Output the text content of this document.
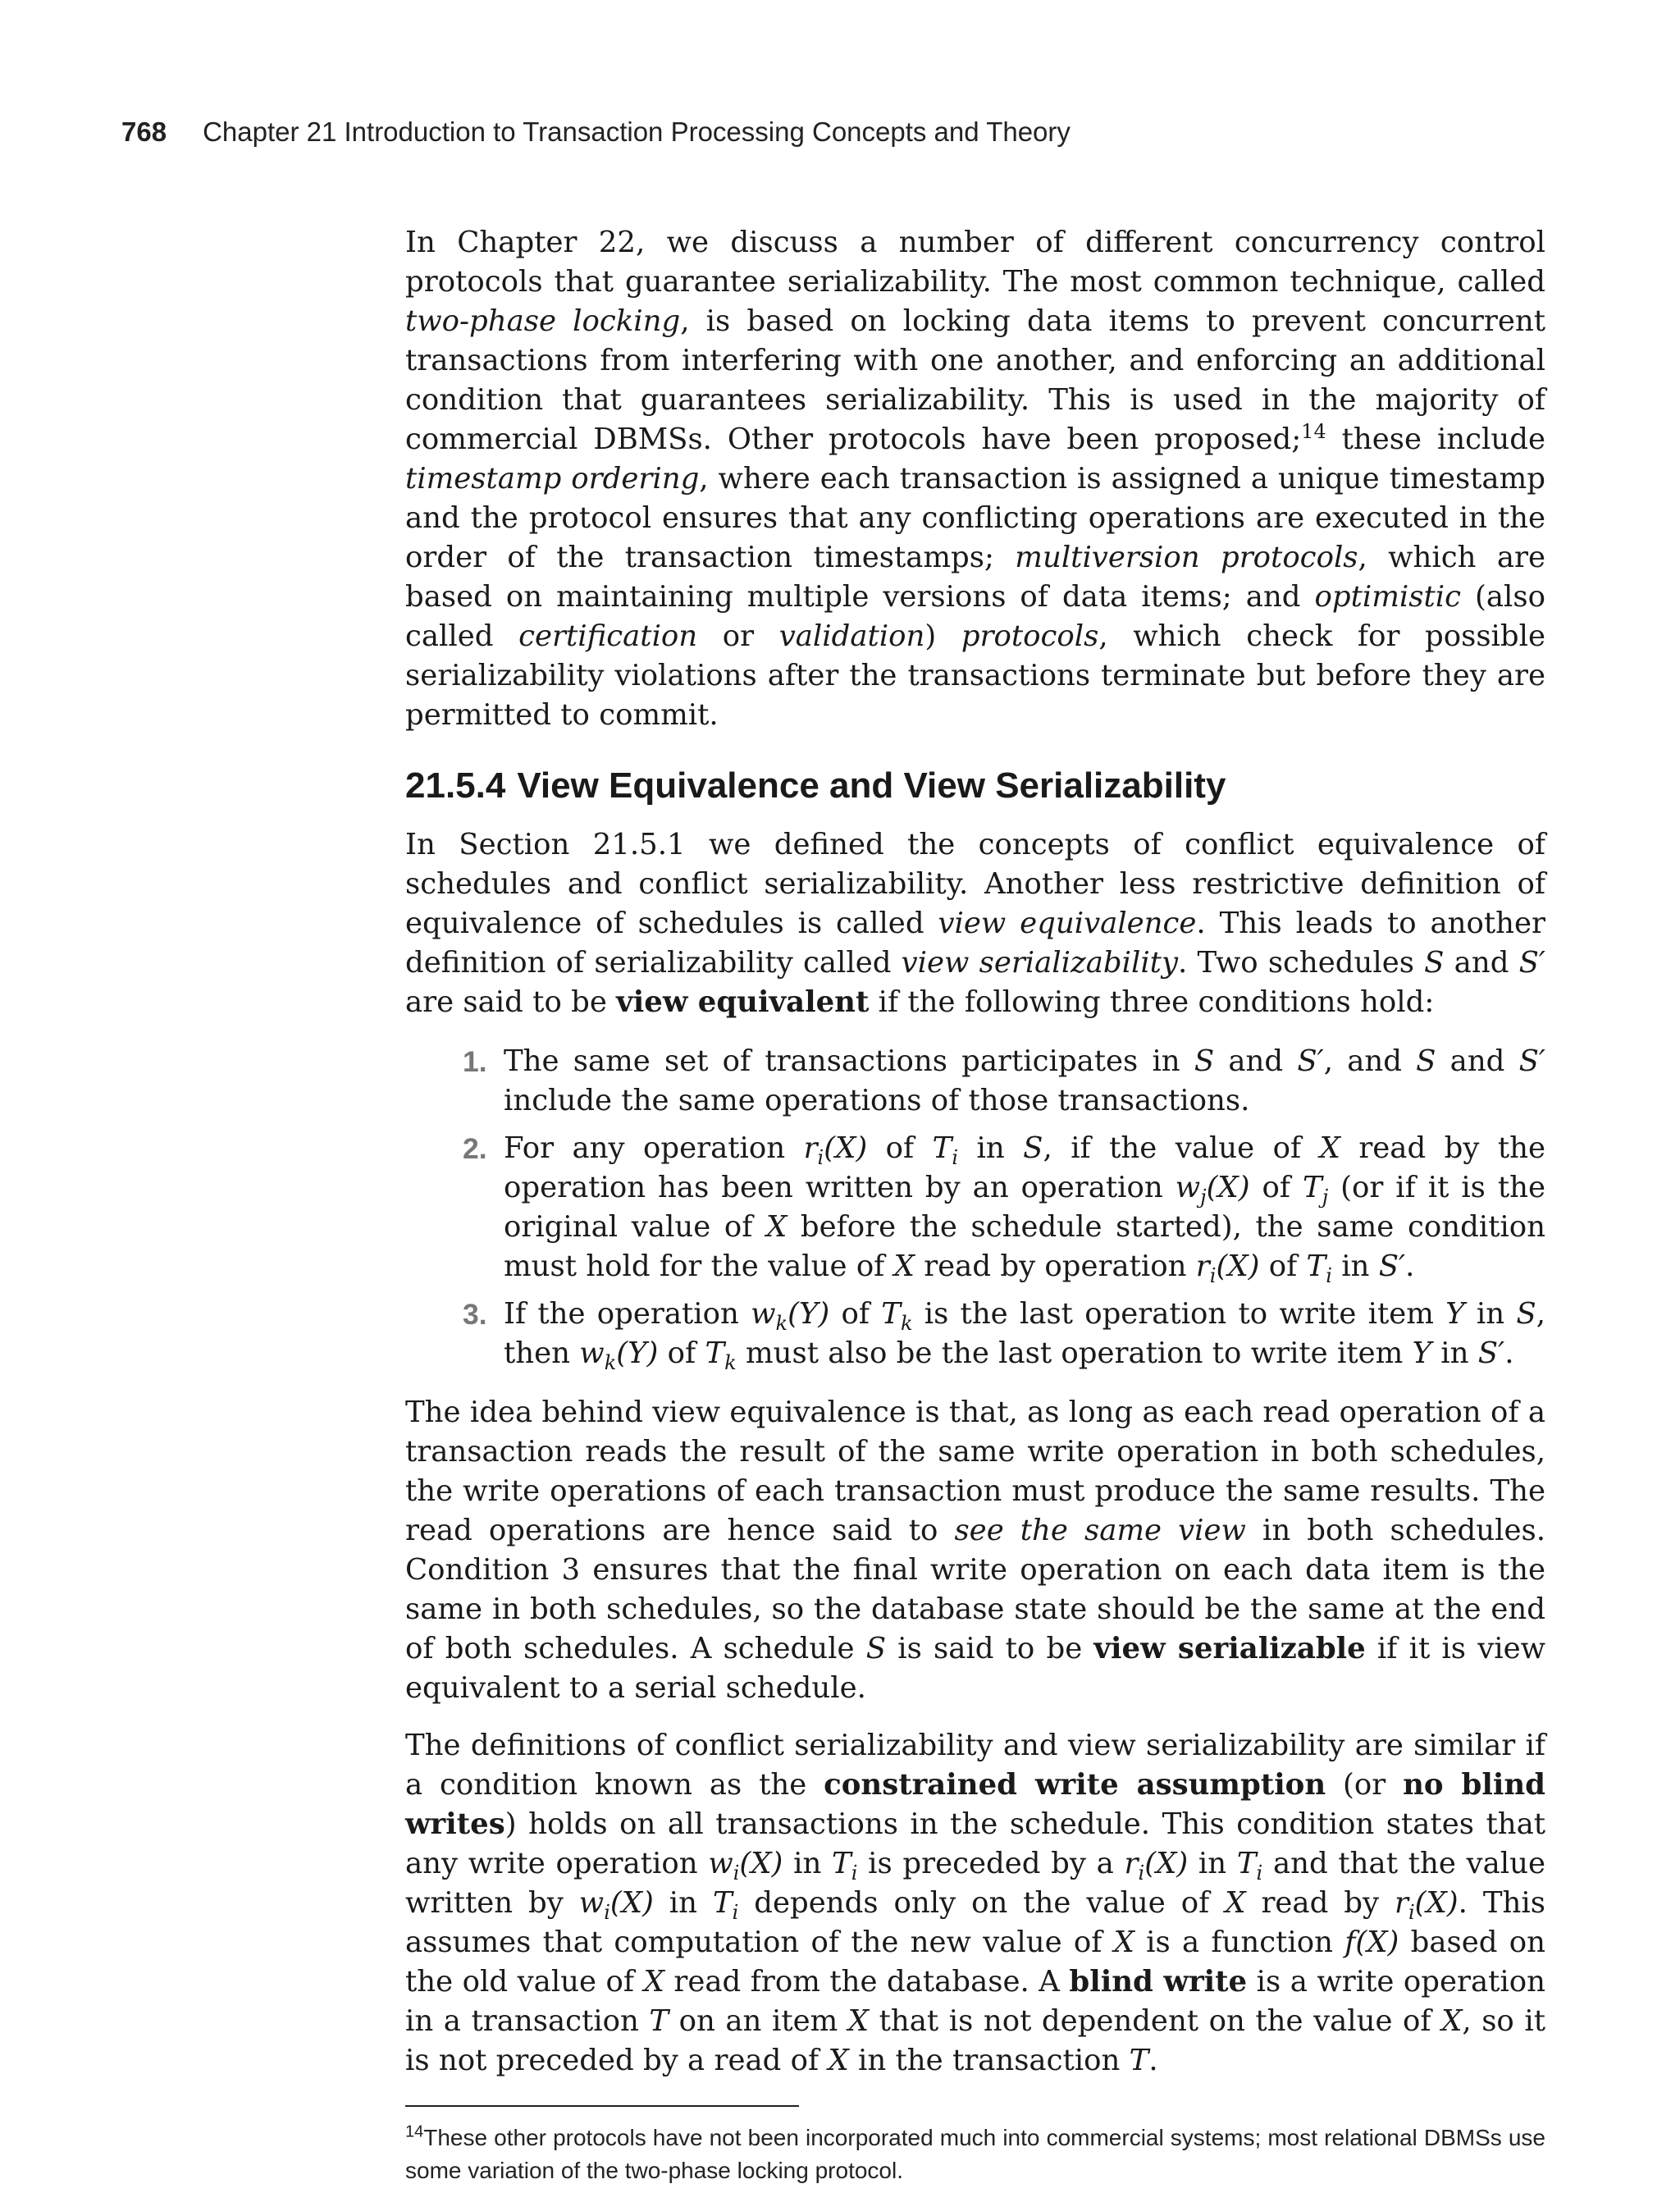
768 Chapter 21 Introduction to Transaction Processing Concepts and Theory

In Chapter 22, we discuss a number of different concurrency control protocols that guarantee serializability. The most common technique, called two-phase locking, is based on locking data items to prevent concurrent transactions from interfering with one another, and enforcing an additional condition that guarantees serializability. This is used in the majority of commercial DBMSs. Other protocols have been proposed;$^{14}$ these include timestamp ordering, where each transaction is assigned a unique timestamp and the protocol ensures that any conflicting operations are executed in the order of the transaction timestamps; multiversion protocols, which are based on maintaining multiple versions of data items; and optimistic (also called certification or validation) protocols, which check for possible serializability violations after the transactions terminate but before they are permitted to commit.

21.5.4 View Equivalence and View Serializability

In Section 21.5.1 we defined the concepts of conflict equivalence of schedules and conflict serializability. Another less restrictive definition of equivalence of schedules is called view equivalence. This leads to another definition of serializability called view serializability. Two schedules S and S′ are said to be view equivalent if the following three conditions hold:

1. The same set of transactions participates in S and S′, and S and S′ include the same operations of those transactions.
2. For any operation $r_i(X)$ of $T_i$ in S, if the value of X read by the operation has been written by an operation $w_j(X)$ of $T_j$ (or if it is the original value of X before the schedule started), the same condition must hold for the value of X read by operation $r_i(X)$ of $T_i$ in S′.
3. If the operation $w_k(Y)$ of $T_k$ is the last operation to write item Y in S, then $w_k(Y)$ of $T_k$ must also be the last operation to write item Y in S′.

The idea behind view equivalence is that, as long as each read operation of a transaction reads the result of the same write operation in both schedules, the write operations of each transaction must produce the same results. The read operations are hence said to see the same view in both schedules. Condition 3 ensures that the final write operation on each data item is the same in both schedules, so the database state should be the same at the end of both schedules. A schedule S is said to be view serializable if it is view equivalent to a serial schedule.

The definitions of conflict serializability and view serializability are similar if a condition known as the constrained write assumption (or no blind writes) holds on all transactions in the schedule. This condition states that any write operation $w_i(X)$ in $T_i$ is preceded by a $r_i(X)$ in $T_i$ and that the value written by $w_i(X)$ in $T_i$ depends only on the value of X read by $r_i(X)$. This assumes that computation of the new value of X is a function f(X) based on the old value of X read from the database. A blind write is a write operation in a transaction T on an item X that is not dependent on the value of X, so it is not preceded by a read of X in the transaction T.

$^{14}$These other protocols have not been incorporated much into commercial systems; most relational DBMSs use some variation of the two-phase locking protocol.
